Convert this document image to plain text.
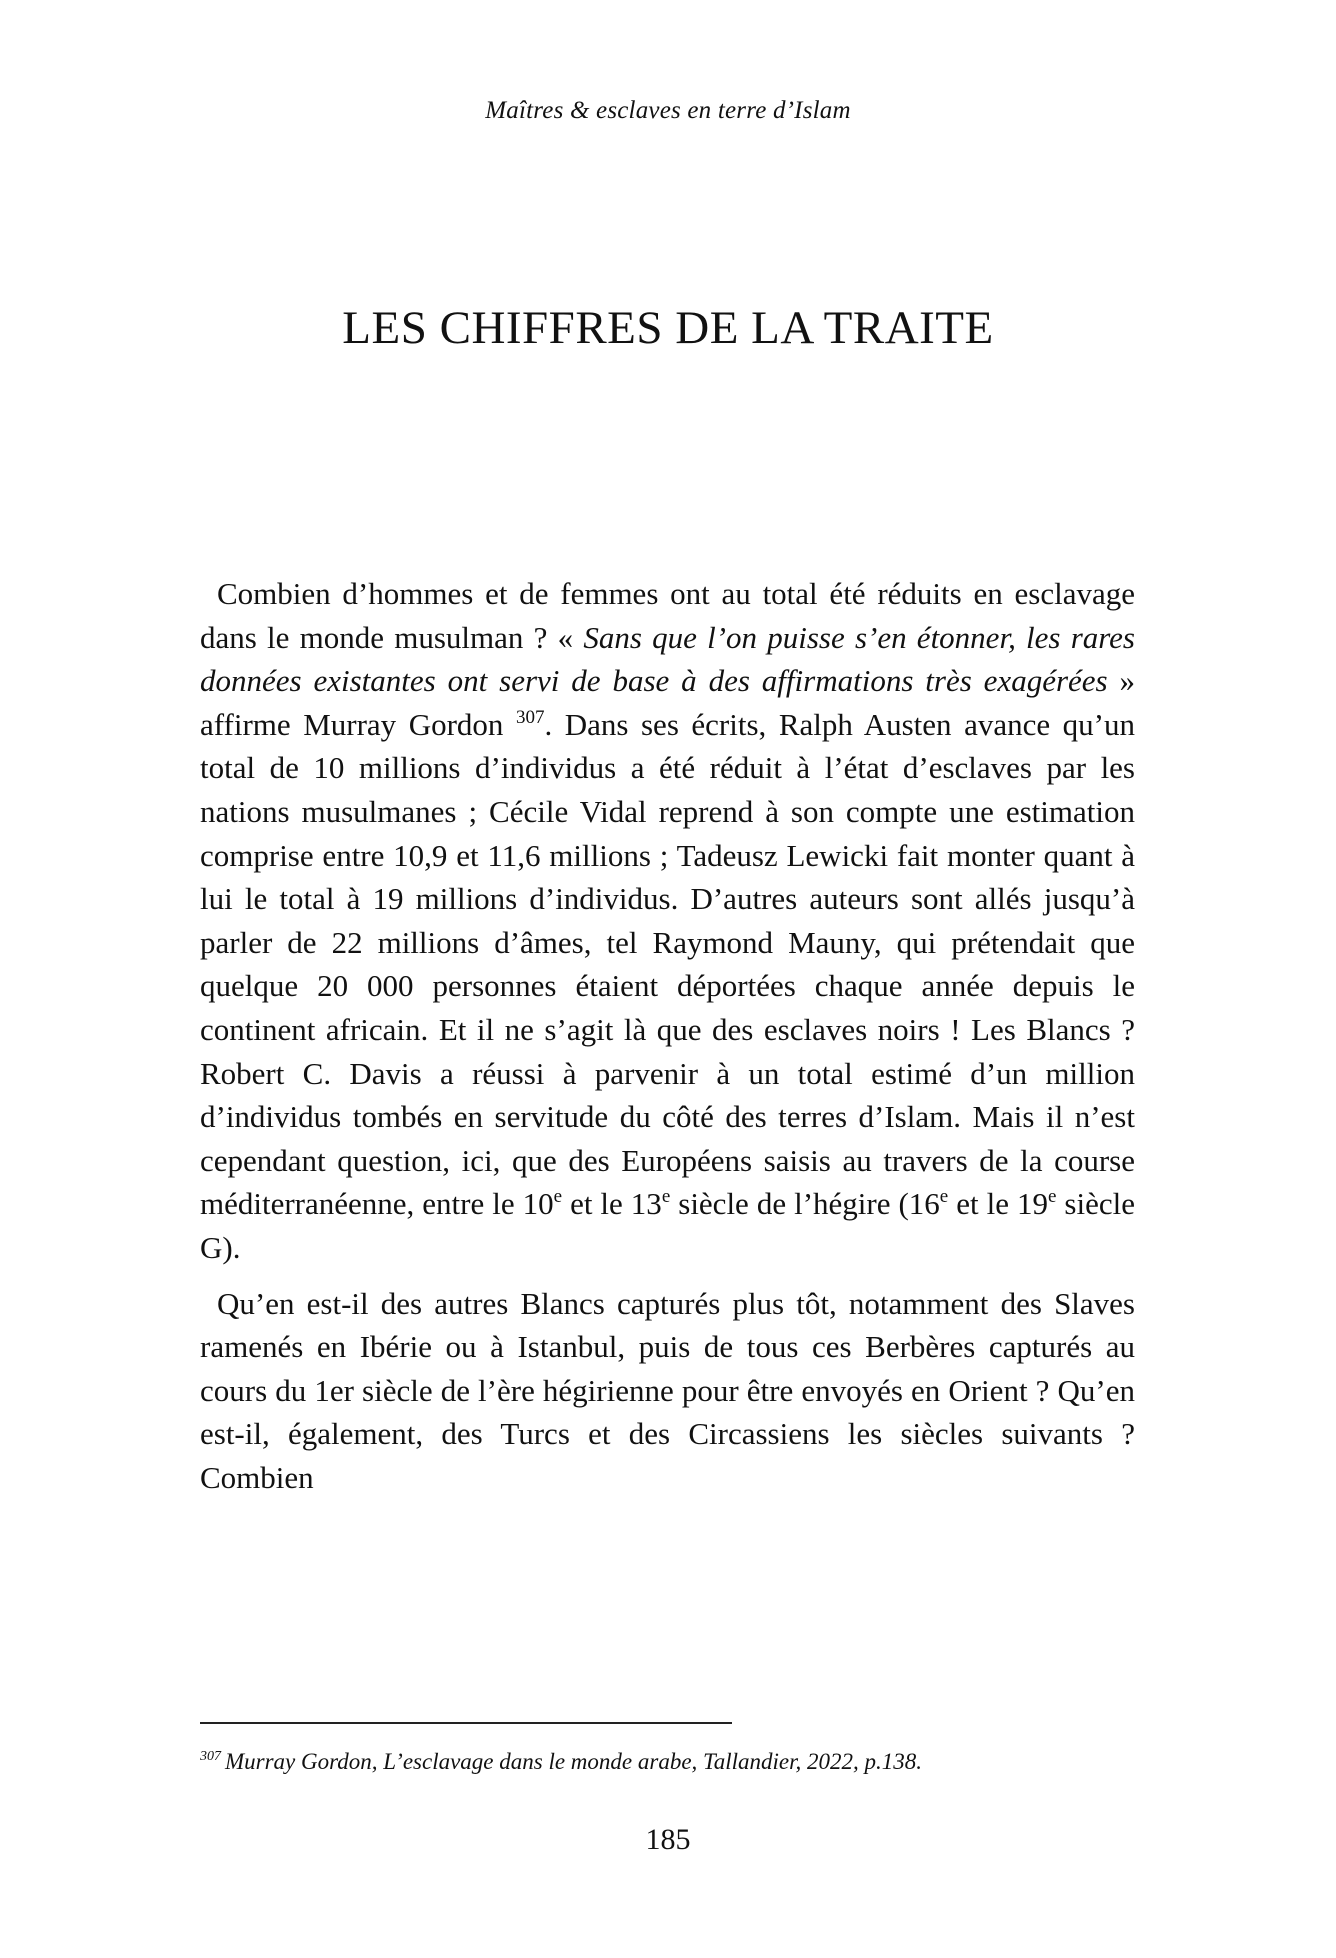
Maîtres & esclaves en terre d’Islam
LES CHIFFRES DE LA TRAITE

Combien d’hommes et de femmes ont au total été réduits en esclavage dans le monde musulman ? « Sans que l’on puisse s’en étonner, les rares données existantes ont servi de base à des affirmations très exagérées » affirme Murray Gordon $^{307}$. Dans ses écrits, Ralph Austen avance qu’un total de 10 millions d’individus a été réduit à l’état d’esclaves par les nations musulmanes ; Cécile Vidal reprend à son compte une estimation comprise entre 10,9 et 11,6 millions ; Tadeusz Lewicki fait monter quant à lui le total à 19 millions d’individus. D’autres auteurs sont allés jusqu’à parler de 22 millions d’âmes, tel Raymond Mauny, qui prétendait que quelque 20 000 personnes étaient déportées chaque année depuis le continent africain. Et il ne s’agit là que des esclaves noirs ! Les Blancs ? Robert C. Davis a réussi à parvenir à un total estimé d’un million d’individus tombés en servitude du côté des terres d’Islam. Mais il n’est cependant question, ici, que des Européens saisis au travers de la course méditerranéenne, entre le 10e et le 13e siècle de l’hégire (16e et le 19e siècle G).

Qu’en est-il des autres Blancs capturés plus tôt, notamment des Slaves ramenés en Ibérie ou à Istanbul, puis de tous ces Berbères capturés au cours du 1er siècle de l’ère hégirienne pour être envoyés en Orient ? Qu’en est-il, également, des Turcs et des Circassiens les siècles suivants ? Combien

$^{307}$ Murray Gordon, L’esclavage dans le monde arabe, Tallandier, 2022, p.138.
185
